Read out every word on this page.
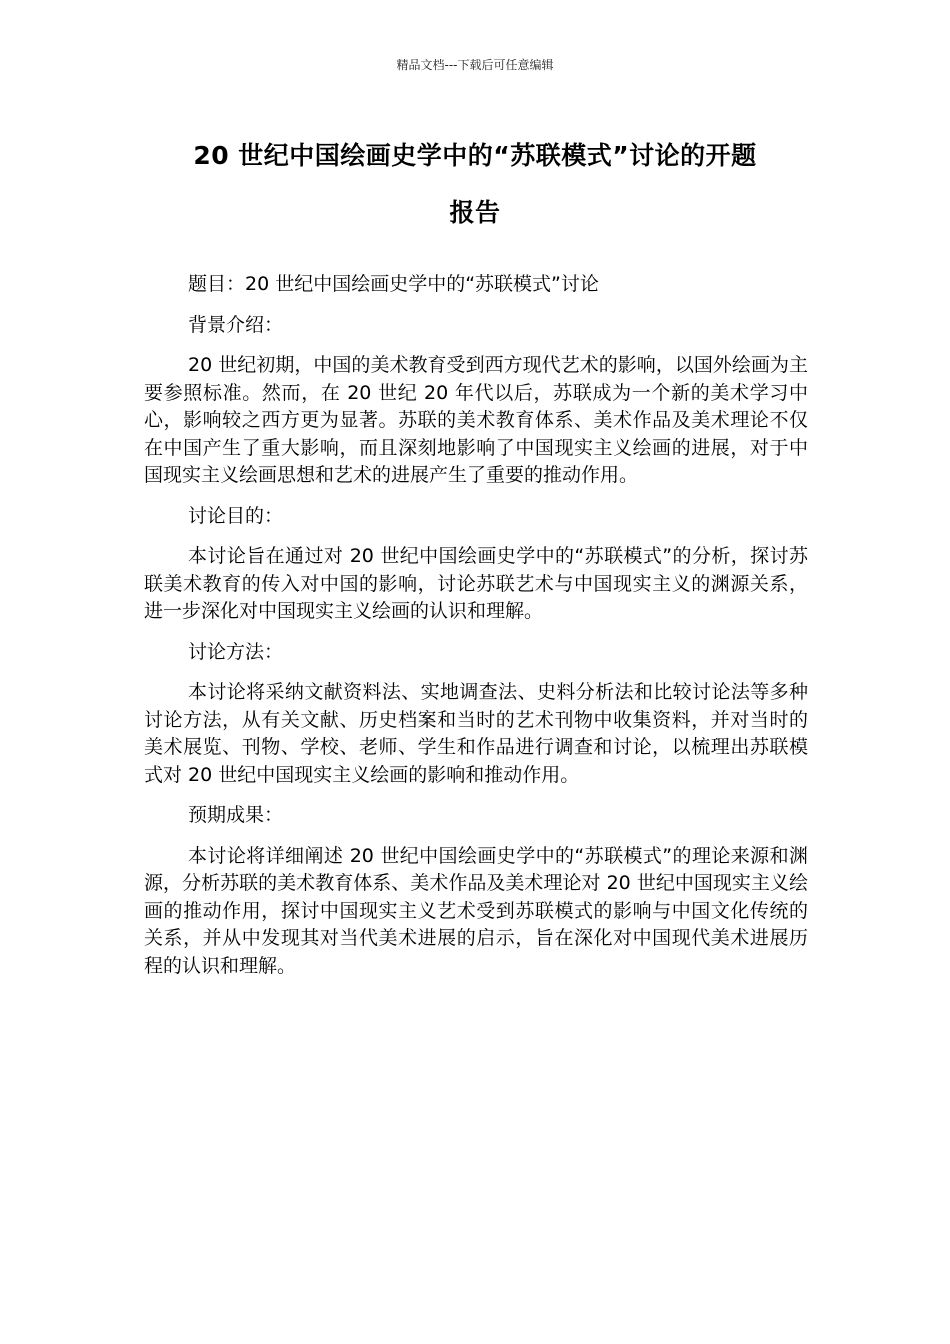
精品文档---下载后可任意编辑
20 世纪中国绘画史学中的“苏联模式”讨论的开题
报告

题目：20 世纪中国绘画史学中的“苏联模式”讨论

背景介绍：

20 世纪初期，中国的美术教育受到西方现代艺术的影响，以国外绘画为主要参照标准。然而，在 20 世纪 20 年代以后，苏联成为一个新的美术学习中心，影响较之西方更为显著。苏联的美术教育体系、美术作品及美术理论不仅在中国产生了重大影响，而且深刻地影响了中国现实主义绘画的进展，对于中国现实主义绘画思想和艺术的进展产生了重要的推动作用。

讨论目的：

本讨论旨在通过对 20 世纪中国绘画史学中的“苏联模式”的分析，探讨苏联美术教育的传入对中国的影响，讨论苏联艺术与中国现实主义的渊源关系，进一步深化对中国现实主义绘画的认识和理解。

讨论方法：

本讨论将采纳文献资料法、实地调查法、史料分析法和比较讨论法等多种讨论方法，从有关文献、历史档案和当时的艺术刊物中收集资料，并对当时的美术展览、刊物、学校、老师、学生和作品进行调查和讨论，以梳理出苏联模式对 20 世纪中国现实主义绘画的影响和推动作用。

预期成果：

本讨论将详细阐述 20 世纪中国绘画史学中的“苏联模式”的理论来源和渊源，分析苏联的美术教育体系、美术作品及美术理论对 20 世纪中国现实主义绘画的推动作用，探讨中国现实主义艺术受到苏联模式的影响与中国文化传统的关系，并从中发现其对当代美术进展的启示，旨在深化对中国现代美术进展历程的认识和理解。
